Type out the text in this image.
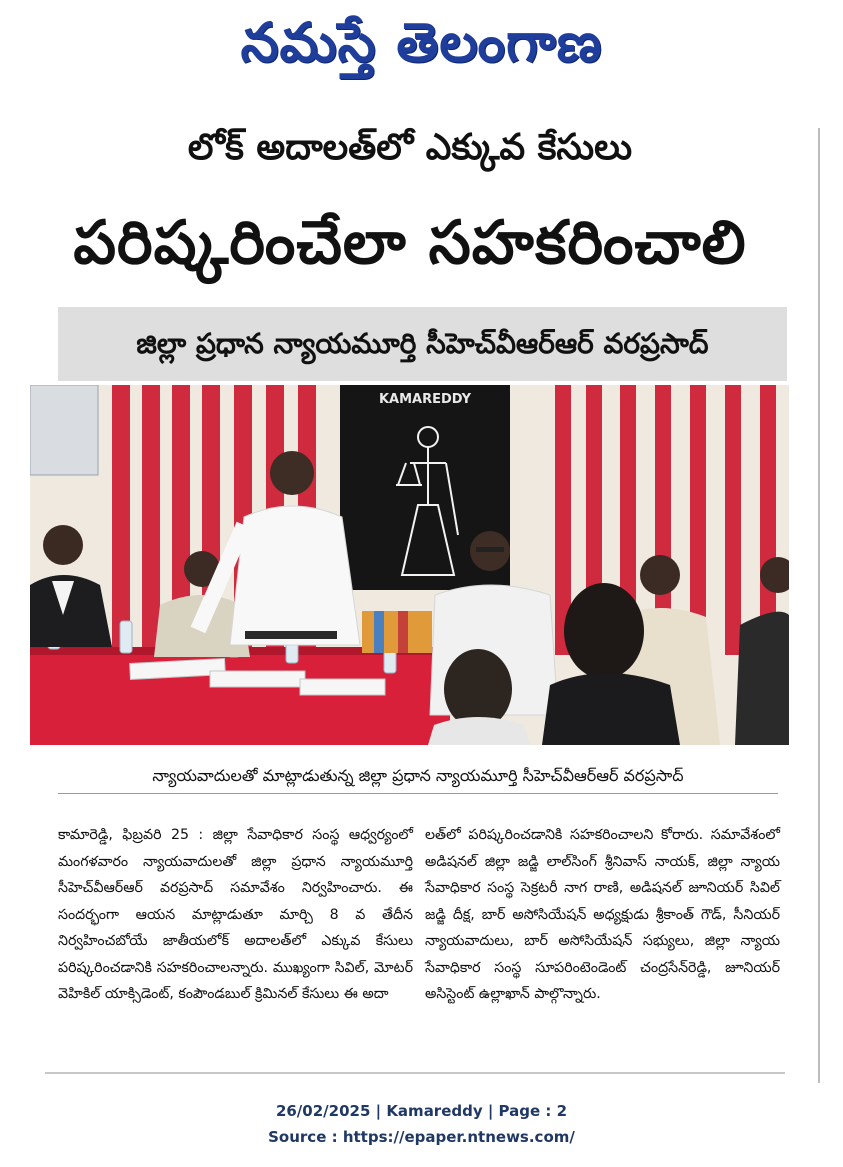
నమస్తే తెలంగాణ
లోక్ అదాలత్‌లో ఎక్కువ కేసులు
పరిష్కరించేలా సహకరించాలి
జిల్లా ప్రధాన న్యాయమూర్తి సీహెచ్‌వీఆర్ఆర్ వరప్రసాద్
KAMAREDDY
న్యాయవాదులతో మాట్లాడుతున్న జిల్లా ప్రధాన న్యాయమూర్తి సీహెచ్‌వీఆర్ఆర్ వరప్రసాద్
కామారెడ్డి, ఫిబ్రవరి 25 : జిల్లా సేవాధికార సంస్థ ఆధ్వర్యంలో మంగళవారం న్యాయవాదులతో జిల్లా ప్రధాన న్యాయమూర్తి సీహెచ్‌వీఆర్ఆర్ వరప్రసాద్ సమావేశం నిర్వహించారు. ఈ సందర్భంగా ఆయన మాట్లాడుతూ మార్చి 8 వ తేదీన నిర్వహించబోయే జాతీయలోక్ అదాలత్‌లో ఎక్కువ కేసులు పరిష్కరించడానికి సహకరించాలన్నారు. ముఖ్యంగా సివిల్, మోటర్ వెహికిల్ యాక్సిడెంట్, కంపౌండబుల్ క్రిమినల్ కేసులు ఈ అదా
లత్‌లో పరిష్కరించడానికి సహకరించాలని కోరారు. సమావేశంలో అడిషనల్ జిల్లా జడ్జి లాల్‌సింగ్ శ్రీనివాస్ నాయక్, జిల్లా న్యాయ సేవాధికార సంస్థ సెక్రటరీ నాగ రాణి, అడిషనల్ జూనియర్ సివిల్ జడ్జి దీక్ష, బార్ అసోసియేషన్ అధ్యక్షుడు శ్రీకాంత్ గౌడ్, సీనియర్ న్యాయవాదులు, బార్ అసోసియేషన్ సభ్యులు, జిల్లా న్యాయ సేవాధికార సంస్థ సూపరింటెండెంట్ చంద్రసేన్‌రెడ్డి, జూనియర్ అసిస్టెంట్ ఉల్లాఖాన్ పాల్గొన్నారు.
26/02/2025 | Kamareddy | Page : 2
Source : https://epaper.ntnews.com/
